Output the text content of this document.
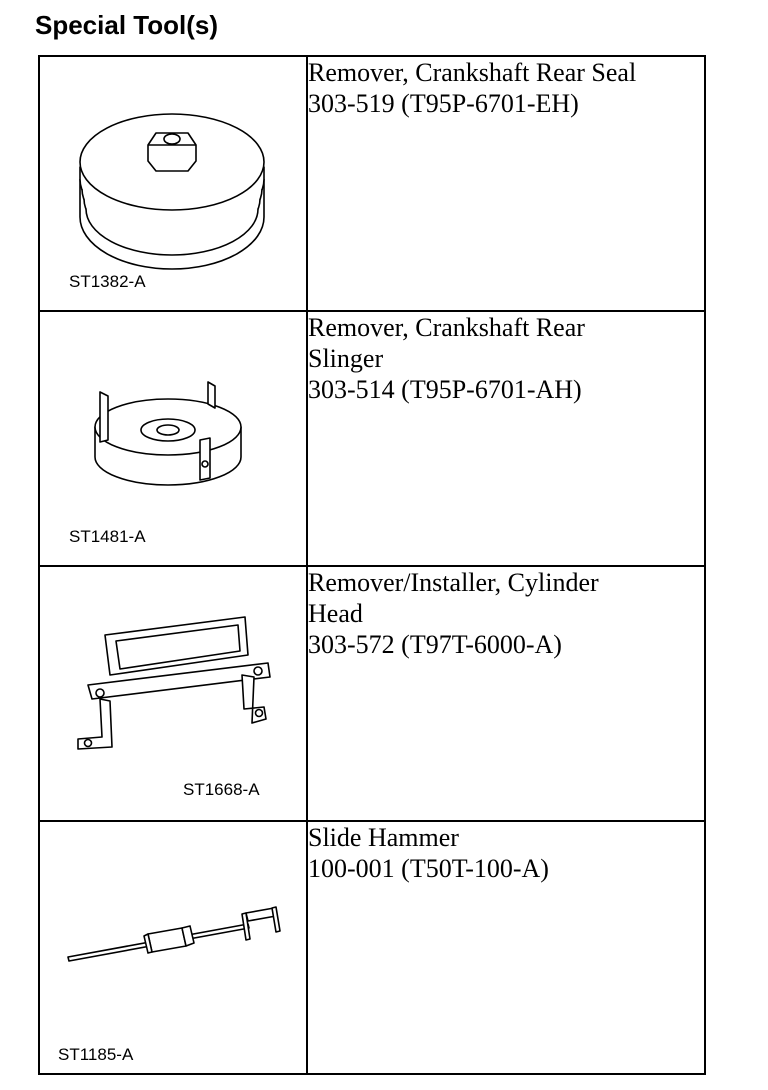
Special Tool(s)
ST1382-A	Remover, Crankshaft Rear Seal
303-519 (T95P-6701-EH)

ST1481-A	Remover, Crankshaft Rear
Slinger
303-514 (T95P-6701-AH)

ST1668-A	Remover/Installer, Cylinder
Head
303-572 (T97T-6000-A)

ST1185-A	Slide Hammer
100-001 (T50T-100-A)
